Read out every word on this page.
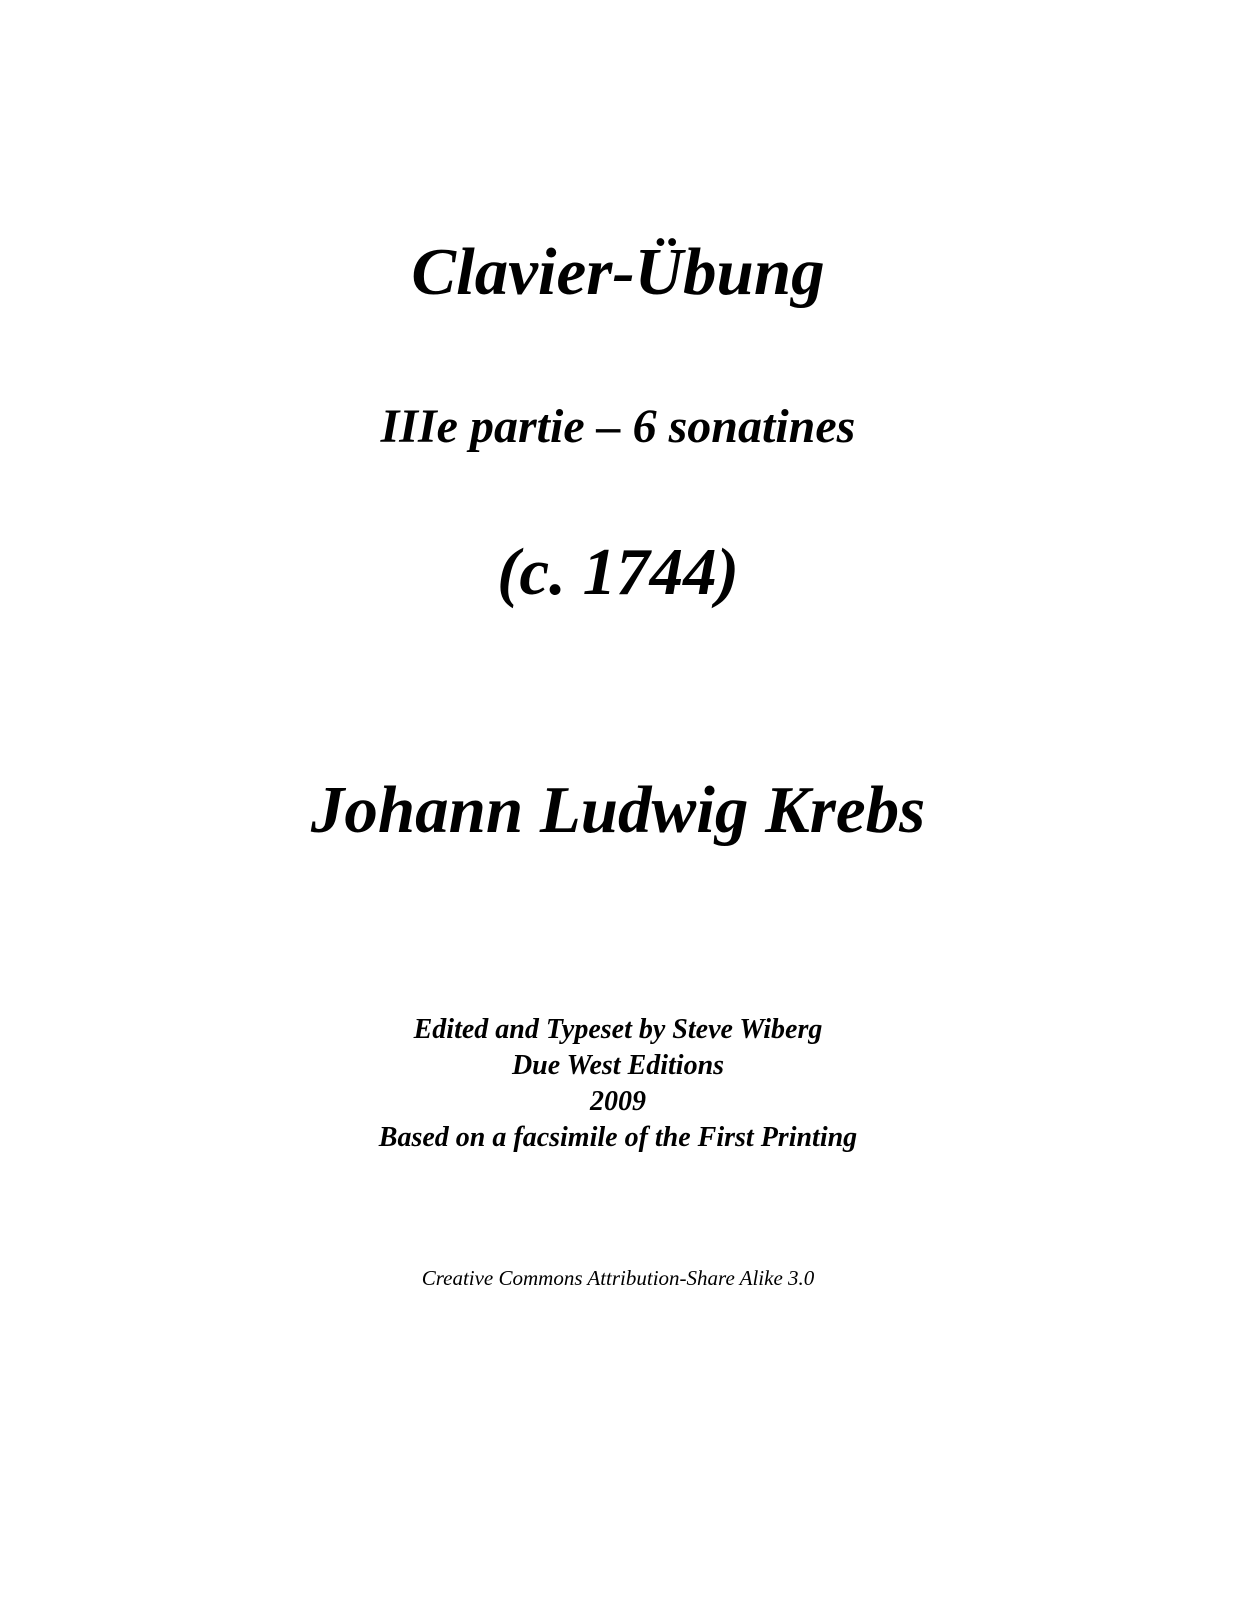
Clavier-Übung
IIIe partie – 6 sonatines
(c. 1744)
Johann Ludwig Krebs
Edited and Typeset by Steve Wiberg
Due West Editions
2009
Based on a facsimile of the First Printing
Creative Commons Attribution-Share Alike 3.0
